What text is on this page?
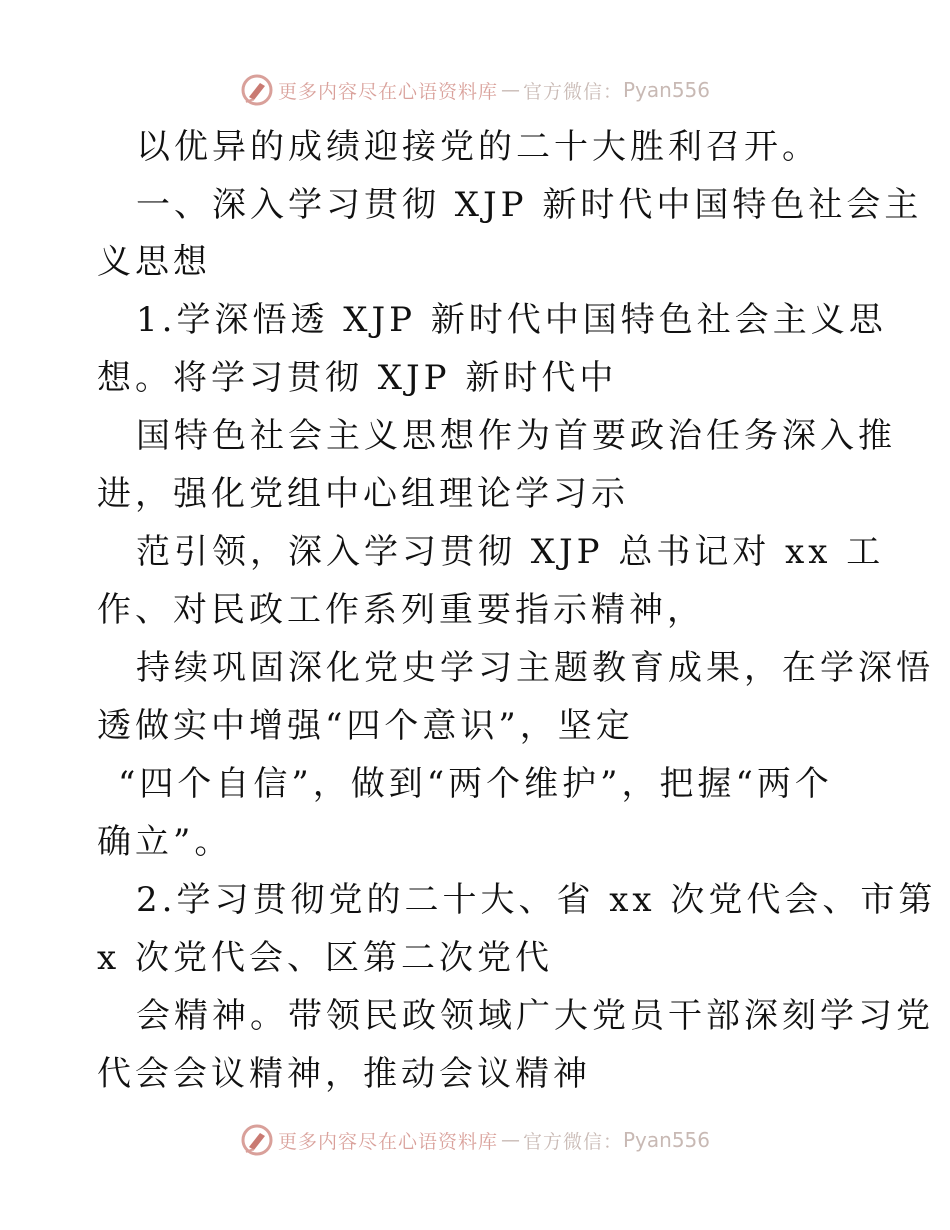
更多内容尽在心语资料库 — 官方微信： Pyan556
以优异的成绩迎接党的二十大胜利召开。
一、深入学习贯彻 XJP 新时代中国特色社会主
义思想
1.学深悟透 XJP 新时代中国特色社会主义思
想。将学习贯彻 XJP 新时代中
国特色社会主义思想作为首要政治任务深入推
进，强化党组中心组理论学习示
范引领，深入学习贯彻 XJP 总书记对 xx 工
作、对民政工作系列重要指示精神，
持续巩固深化党史学习主题教育成果，在学深悟
透做实中增强“四个意识”，坚定
“四个自信”，做到“两个维护”，把握“两个
确立”。
2.学习贯彻党的二十大、省 xx 次党代会、市第
x 次党代会、区第二次党代
会精神。带领民政领域广大党员干部深刻学习党
代会会议精神，推动会议精神
更多内容尽在心语资料库 — 官方微信： Pyan556
